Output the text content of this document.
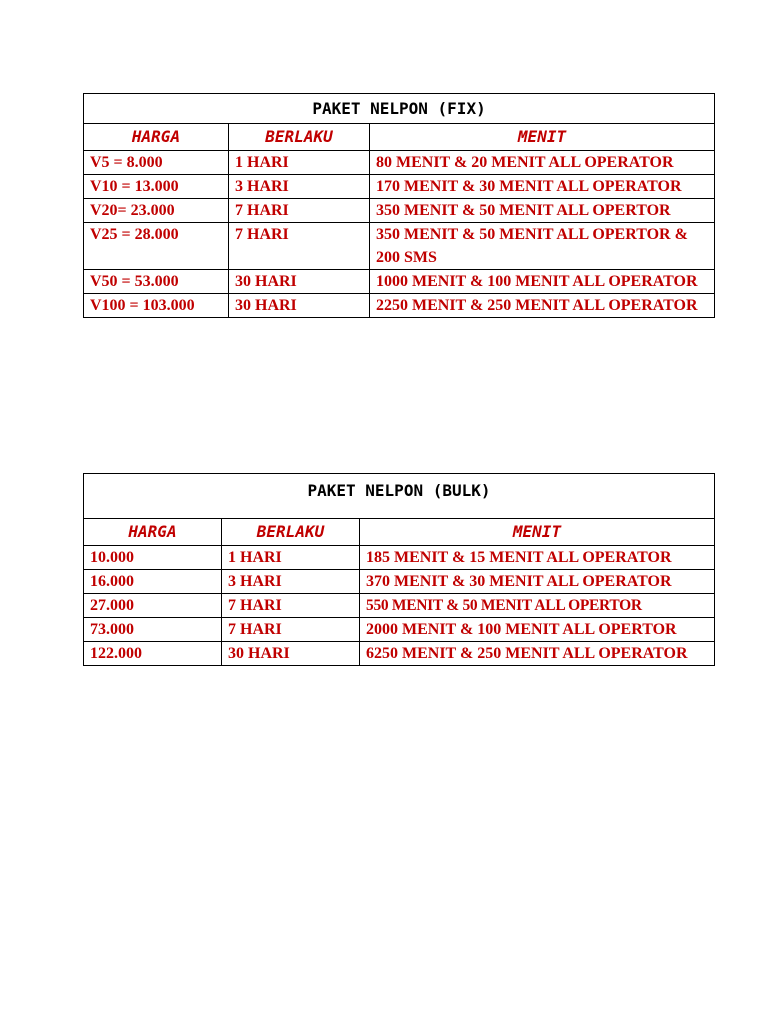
PAKET NELPON (FIX)		
HARGA	BERLAKU	MENIT
V5 = 8.000	1 HARI	80 MENIT & 20 MENIT ALL OPERATOR
V10 = 13.000	3 HARI	170 MENIT & 30 MENIT ALL OPERATOR
V20= 23.000	7 HARI	350 MENIT & 50 MENIT ALL OPERTOR
V25 = 28.000	7 HARI	350 MENIT & 50 MENIT ALL OPERTOR & 200 SMS
V50 = 53.000	30 HARI	1000 MENIT & 100 MENIT ALL OPERATOR
V100 = 103.000	30 HARI	2250 MENIT & 250 MENIT ALL OPERATOR
PAKET NELPON (BULK)		
HARGA	BERLAKU	MENIT
10.000	1 HARI	185 MENIT & 15 MENIT ALL OPERATOR
16.000	3 HARI	370 MENIT & 30 MENIT ALL OPERATOR
27.000	7 HARI	550 MENIT & 50 MENIT ALL OPERTOR
73.000	7 HARI	2000 MENIT & 100 MENIT ALL OPERTOR
122.000	30 HARI	6250 MENIT & 250 MENIT ALL OPERATOR
